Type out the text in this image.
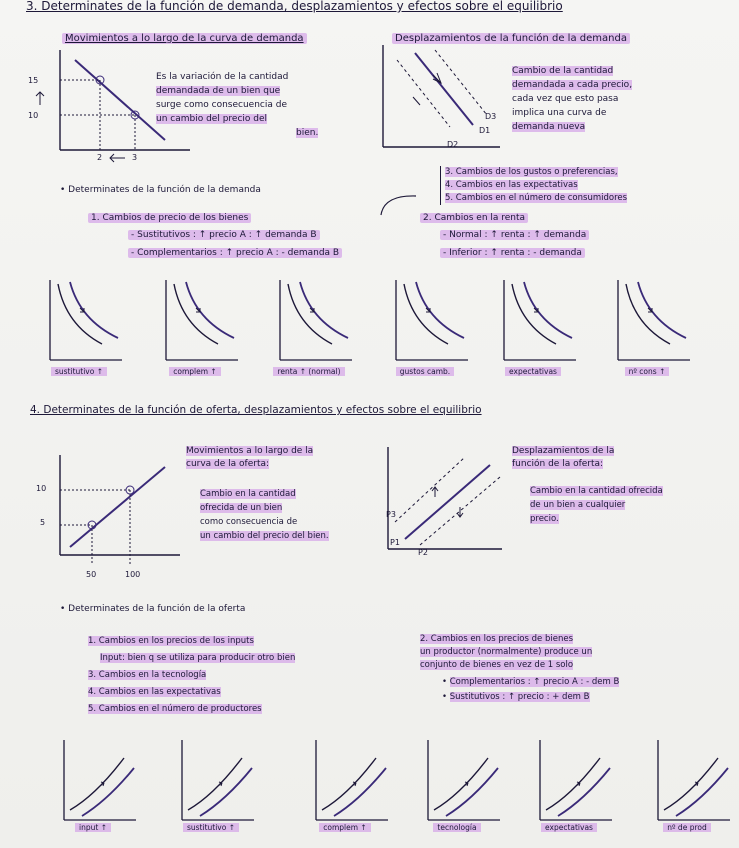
3. Determinates de la función de demanda, desplazamientos y efectos sobre el equilibrio
Movimientos a lo largo de la curva de demanda
15
10
2	3
Es la variación de la cantidad
demandada de un bien que
surge como consecuencia de
un cambio del precio del
bien.
Desplazamientos de la función de la demanda
D3
D1
D2
Cambio de la cantidad
demandada a cada precio,
cada vez que esto pasa
implica una curva de
demanda nueva
• Determinates de la función de la demanda
3. Cambios de los gustos o preferencias,
4. Cambios en las expectativas
5. Cambios en el número de consumidores
1. Cambios de precio de los bienes
- Sustitutivos : ↑ precio A : ↑ demanda B
- Complementarios : ↑ precio A : - demanda B
2. Cambios en la renta
- Normal : ↑ renta : ↑ demanda
- Inferior : ↑ renta : - demanda
sustitutivo ↑	complem ↑	renta ↑ (normal)	gustos camb.	expectativas	nº cons ↑
4. Determinates de la función de oferta, desplazamientos y efectos sobre el equilibrio
10
5
50	100
Movimientos a lo largo de la
curva de la oferta:
Cambio en la cantidad
ofrecida de un bien
como consecuencia de
un cambio del precio del bien.
P3
P1
P2
Desplazamientos de la
función de la oferta:
Cambio en la cantidad ofrecida
de un bien a cualquier
precio.
• Determinates de la función de la oferta
1. Cambios en los precios de los inputs
Input: bien q se utiliza para producir otro bien
3. Cambios en la tecnología
4. Cambios en las expectativas
5. Cambios en el número de productores
2. Cambios en los precios de bienes
un productor (normalmente) produce un
conjunto de bienes en vez de 1 solo
• Complementarios : ↑ precio A : - dem B
• Sustitutivos : ↑ precio : + dem B
input ↑	sustitutivo ↑	complem ↑	tecnología	expectativas	nº de prod
